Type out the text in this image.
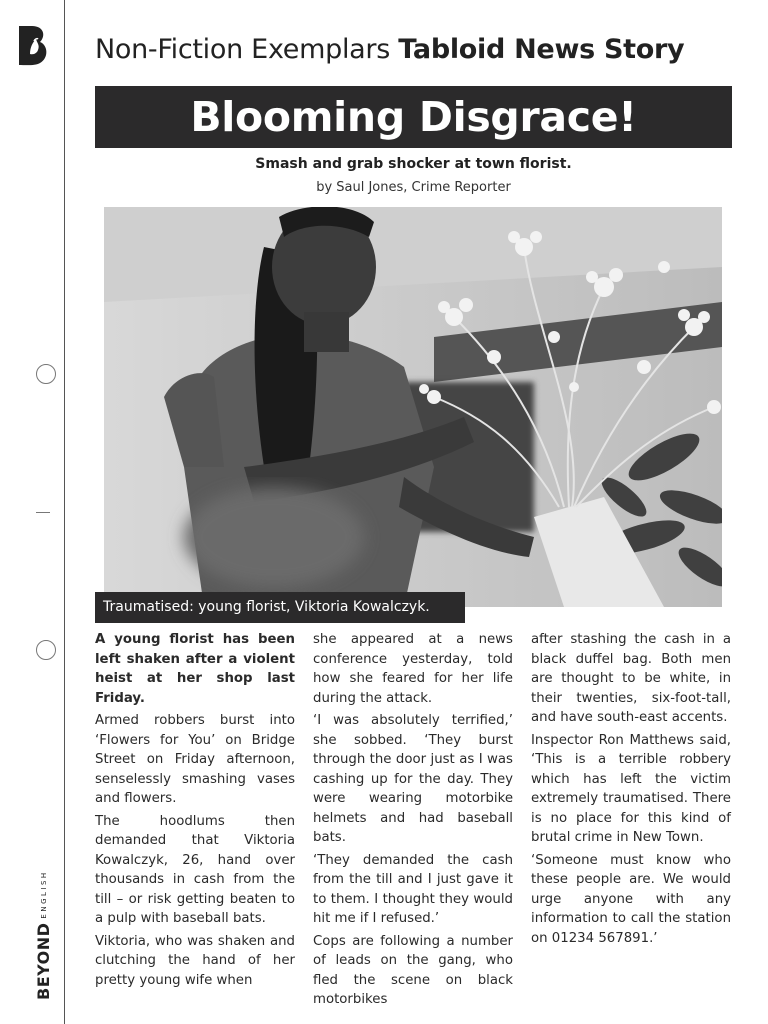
BEYONDENGLISH
Non-Fiction Exemplars Tabloid News Story
Blooming Disgrace!
Smash and grab shocker at town florist.
by Saul Jones, Crime Reporter
Traumatised: young florist, Viktoria Kowalczyk.

A young florist has been left shaken after a violent heist at her shop last Friday.

Armed robbers burst into ‘Flowers for You’ on Bridge Street on Friday afternoon, senselessly smashing vases and flowers.

The hoodlums then demanded that Viktoria Kowalczyk, 26, hand over thousands in cash from the till – or risk getting beaten to a pulp with baseball bats.

Viktoria, who was shaken and clutching the hand of her pretty young wife when

she appeared at a news conference yesterday, told how she feared for her life during the attack.

‘I was absolutely terrified,’ she sobbed. ‘They burst through the door just as I was cashing up for the day. They were wearing motorbike helmets and had baseball bats.

‘They demanded the cash from the till and I just gave it to them. I thought they would hit me if I refused.’

Cops are following a number of leads on the gang, who fled the scene on black motorbikes

after stashing the cash in a black duffel bag. Both men are thought to be white, in their twenties, six-foot-tall, and have south-east accents.

Inspector Ron Matthews said, ‘This is a terrible robbery which has left the victim extremely traumatised. There is no place for this kind of brutal crime in New Town.

‘Someone must know who these people are. We would urge anyone with any information to call the station on 01234 567891.’
